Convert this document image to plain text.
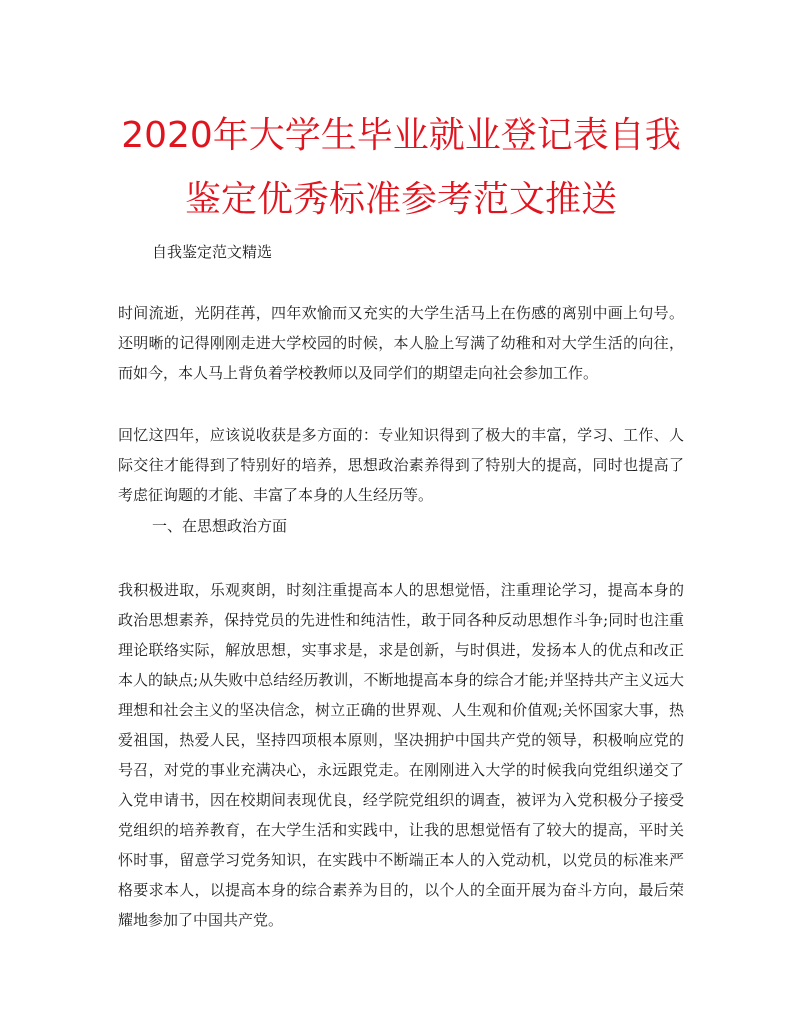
2020年大学生毕业就业登记表自我鉴定优秀标准参考范文推送

自我鉴定范文精选

时间流逝，光阴荏苒，四年欢愉而又充实的大学生活马上在伤感的离别中画上句号。还明晰的记得刚刚走进大学校园的时候，本人脸上写满了幼稚和对大学生活的向往，而如今，本人马上背负着学校教师以及同学们的期望走向社会参加工作。

回忆这四年，应该说收获是多方面的：专业知识得到了极大的丰富，学习、工作、人际交往才能得到了特别好的培养，思想政治素养得到了特别大的提高，同时也提高了考虑征询题的才能、丰富了本身的人生经历等。

一、在思想政治方面

我积极进取，乐观爽朗，时刻注重提高本人的思想觉悟，注重理论学习，提高本身的政治思想素养，保持党员的先进性和纯洁性，敢于同各种反动思想作斗争;同时也注重理论联络实际，解放思想，实事求是，求是创新，与时俱进，发扬本人的优点和改正本人的缺点;从失败中总结经历教训，不断地提高本身的综合才能;并坚持共产主义远大理想和社会主义的坚决信念，树立正确的世界观、人生观和价值观;关怀国家大事，热爱祖国，热爱人民，坚持四项根本原则，坚决拥护中国共产党的领导，积极响应党的号召，对党的事业充满决心，永远跟党走。在刚刚进入大学的时候我向党组织递交了入党申请书，因在校期间表现优良，经学院党组织的调查，被评为入党积极分子接受党组织的培养教育，在大学生活和实践中，让我的思想觉悟有了较大的提高，平时关怀时事，留意学习党务知识，在实践中不断端正本人的入党动机，以党员的标准来严格要求本人，以提高本身的综合素养为目的，以个人的全面开展为奋斗方向，最后荣耀地参加了中国共产党。
